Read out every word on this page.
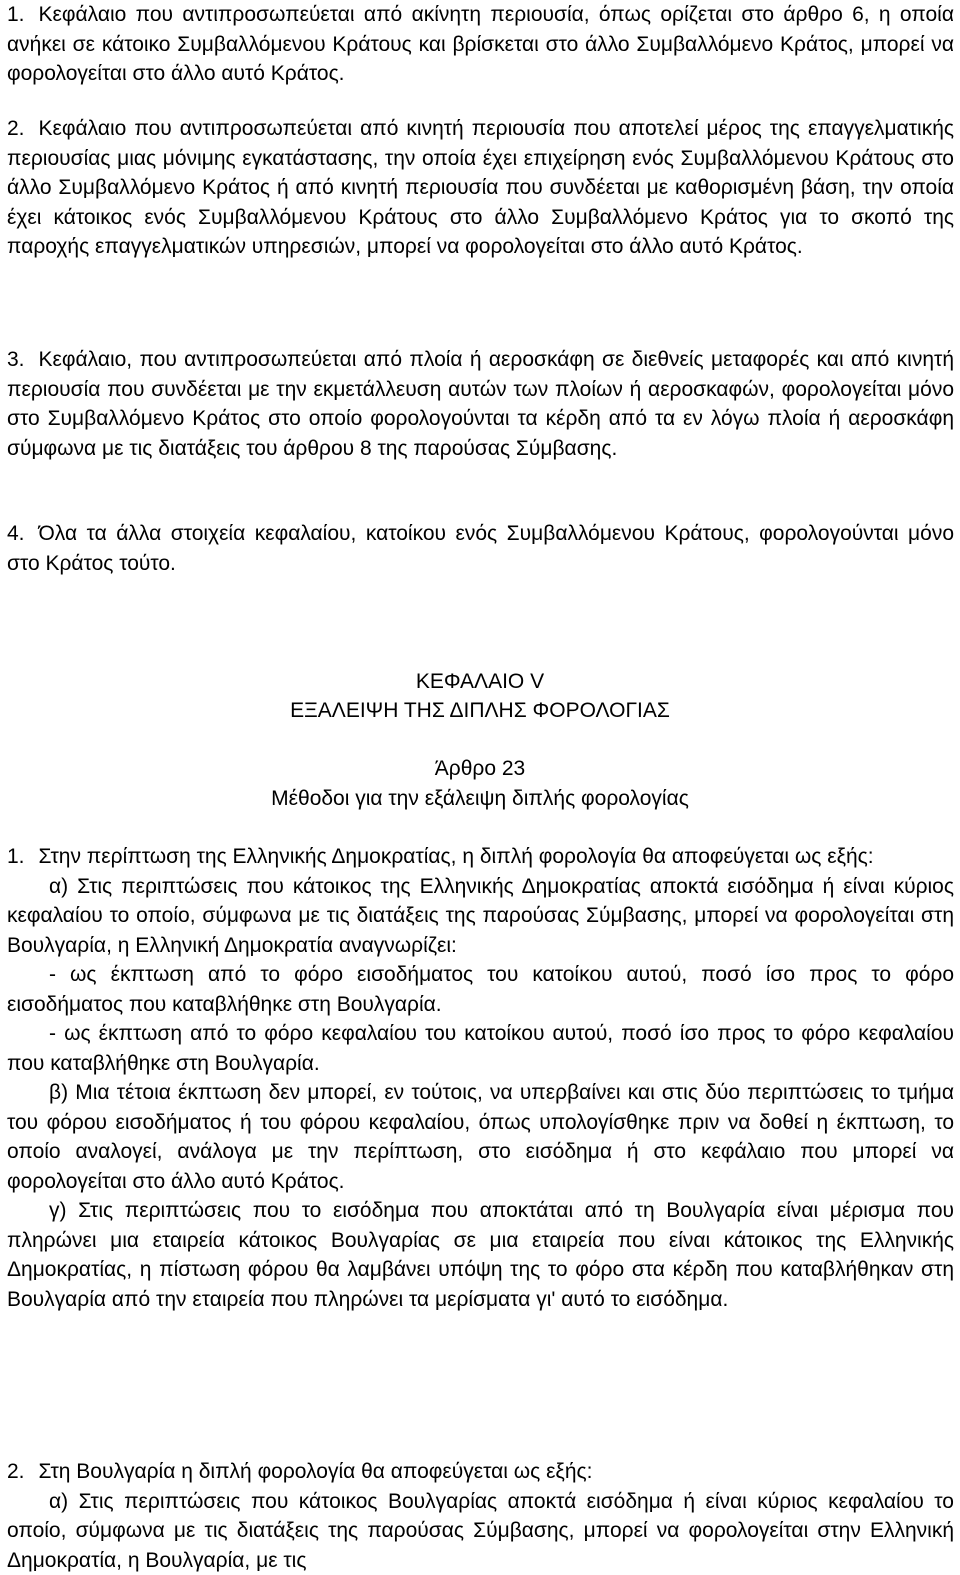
1. Κεφάλαιο που αντιπροσωπεύεται από ακίνητη περιουσία, όπως ορίζεται στο άρθρο 6, η οποία ανήκει σε κάτοικο Συμβαλλόμενου Κράτους και βρίσκεται στο άλλο Συμβαλλόμενο Κράτος, μπορεί να φορολογείται στο άλλο αυτό Κράτος.

2. Κεφάλαιο που αντιπροσωπεύεται από κινητή περιουσία που αποτελεί μέρος της επαγγελματικής περιουσίας μιας μόνιμης εγκατάστασης, την οποία έχει επιχείρηση ενός Συμβαλλόμενου Κράτους στο άλλο Συμβαλλόμενο Κράτος ή από κινητή περιουσία που συνδέεται με καθορισμένη βάση, την οποία έχει κάτοικος ενός Συμβαλλόμενου Κράτους στο άλλο Συμβαλλόμενο Κράτος για το σκοπό της παροχής επαγγελματικών υπηρεσιών, μπορεί να φορολογείται στο άλλο αυτό Κράτος.

3. Κεφάλαιο, που αντιπροσωπεύεται από πλοία ή αεροσκάφη σε διεθνείς μεταφορές και από κινητή περιουσία που συνδέεται με την εκμετάλλευση αυτών των πλοίων ή αεροσκαφών, φορολογείται μόνο στο Συμβαλλόμενο Κράτος στο οποίο φορολογούνται τα κέρδη από τα εν λόγω πλοία ή αεροσκάφη σύμφωνα με τις διατάξεις του άρθρου 8 της παρούσας Σύμβασης.

4. Όλα τα άλλα στοιχεία κεφαλαίου, κατοίκου ενός Συμβαλλόμενου Κράτους, φορολογούνται μόνο στο Κράτος τούτο.

ΚΕΦΑΛΑΙΟ V
ΕΞΑΛΕΙΨΗ ΤΗΣ ΔΙΠΛΗΣ ΦΟΡΟΛΟΓΙΑΣ
Άρθρο 23
Μέθοδοι για την εξάλειψη διπλής φορολογίας

1. Στην περίπτωση της Ελληνικής Δημοκρατίας, η διπλή φορολογία θα αποφεύγεται ως εξής:

α) Στις περιπτώσεις που κάτοικος της Ελληνικής Δημοκρατίας αποκτά εισόδημα ή είναι κύριος κεφαλαίου το οποίο, σύμφωνα με τις διατάξεις της παρούσας Σύμβασης, μπορεί να φορολογείται στη Βουλγαρία, η Ελληνική Δημοκρατία αναγνωρίζει:

- ως έκπτωση από το φόρο εισοδήματος του κατοίκου αυτού, ποσό ίσο προς το φόρο εισοδήματος που καταβλήθηκε στη Βουλγαρία.

- ως έκπτωση από το φόρο κεφαλαίου του κατοίκου αυτού, ποσό ίσο προς το φόρο κεφαλαίου που καταβλήθηκε στη Βουλγαρία.

β) Μια τέτοια έκπτωση δεν μπορεί, εν τούτοις, να υπερβαίνει και στις δύο περιπτώσεις το τμήμα του φόρου εισοδήματος ή του φόρου κεφαλαίου, όπως υπολογίσθηκε πριν να δοθεί η έκπτωση, το οποίο αναλογεί, ανάλογα με την περίπτωση, στο εισόδημα ή στο κεφάλαιο που μπορεί να φορολογείται στο άλλο αυτό Κράτος.

γ) Στις περιπτώσεις που το εισόδημα που αποκτάται από τη Βουλγαρία είναι μέρισμα που πληρώνει μια εταιρεία κάτοικος Βουλγαρίας σε μια εταιρεία που είναι κάτοικος της Ελληνικής Δημοκρατίας, η πίστωση φόρου θα λαμβάνει υπόψη της το φόρο στα κέρδη που καταβλήθηκαν στη Βουλγαρία από την εταιρεία που πληρώνει τα μερίσματα γι' αυτό το εισόδημα.

2. Στη Βουλγαρία η διπλή φορολογία θα αποφεύγεται ως εξής:

α) Στις περιπτώσεις που κάτοικος Βουλγαρίας αποκτά εισόδημα ή είναι κύριος κεφαλαίου το οποίο, σύμφωνα με τις διατάξεις της παρούσας Σύμβασης, μπορεί να φορολογείται στην Ελληνική Δημοκρατία, η Βουλγαρία, με τις
